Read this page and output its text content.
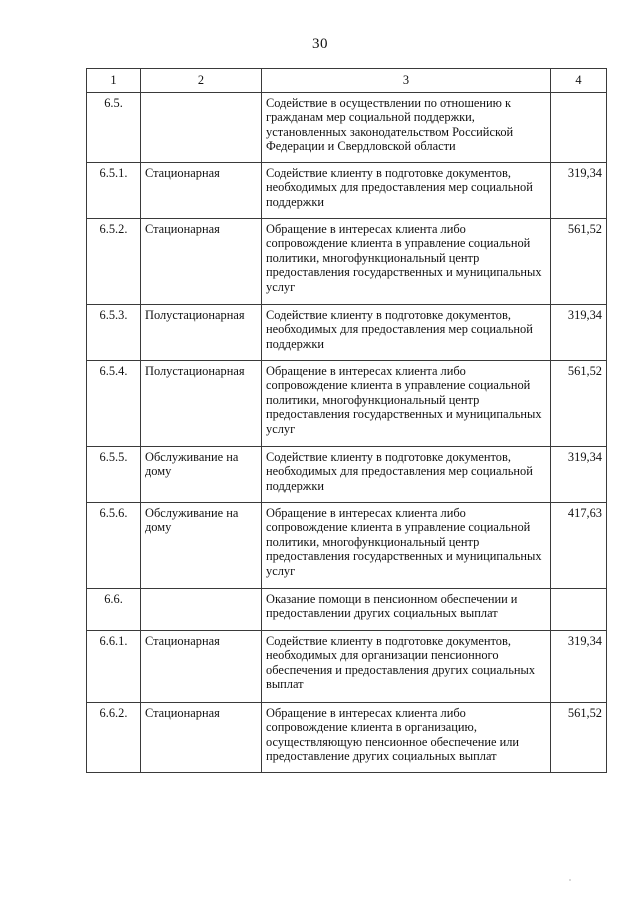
30
1	2	3	4
6.5.		Содействие в осуществлении по отношению к гражданам мер социальной поддержки, установленных законодательством Российской Федерации и Свердловской области	
6.5.1.	Стационарная	Содействие клиенту в подготовке документов, необходимых для предоставления мер социальной поддержки	319,34
6.5.2.	Стационарная	Обращение в интересах клиента либо сопровождение клиента в управление социальной политики, многофункциональный центр предоставления государственных и муниципальных услуг	561,52
6.5.3.	Полустационарная	Содействие клиенту в подготовке документов, необходимых для предоставления мер социальной поддержки	319,34
6.5.4.	Полустационарная	Обращение в интересах клиента либо сопровождение клиента в управление социальной политики, многофункциональный центр предоставления государственных и муниципальных услуг	561,52
6.5.5.	Обслуживание на дому	Содействие клиенту в подготовке документов, необходимых для предоставления мер социальной поддержки	319,34
6.5.6.	Обслуживание на дому	Обращение в интересах клиента либо сопровождение клиента в управление социальной политики, многофункциональный центр предоставления государственных и муниципальных услуг	417,63
6.6.		Оказание помощи в пенсионном обеспечении и предоставлении других социальных выплат	
6.6.1.	Стационарная	Содействие клиенту в подготовке документов, необходимых для организации пенсионного обеспечения и предоставления других социальных выплат	319,34
6.6.2.	Стационарная	Обращение в интересах клиента либо сопровождение клиента в организацию, осуществляющую пенсионное обеспечение или предоставление других социальных выплат	561,52
